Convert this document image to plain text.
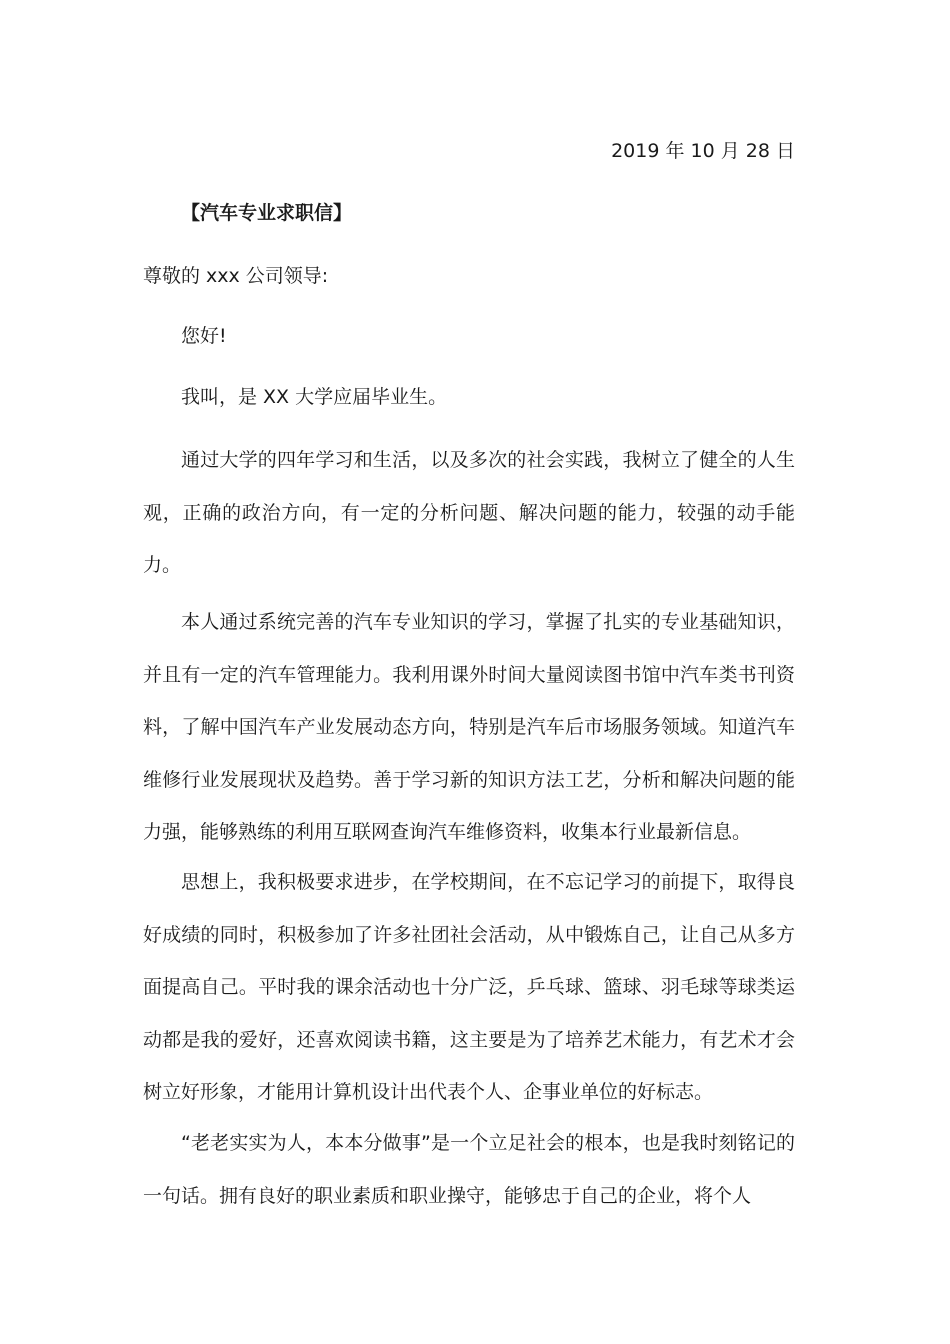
2019 年 10 月 28 日
【汽车专业求职信】
尊敬的 xxx 公司领导:

您好!

我叫，是 XX 大学应届毕业生。

通过大学的四年学习和生活，以及多次的社会实践，我树立了健全的人生观，正确的政治方向，有一定的分析问题、解决问题的能力，较强的动手能力。

本人通过系统完善的汽车专业知识的学习，掌握了扎实的专业基础知识，并且有一定的汽车管理能力。我利用课外时间大量阅读图书馆中汽车类书刊资料，了解中国汽车产业发展动态方向，特别是汽车后市场服务领域。知道汽车维修行业发展现状及趋势。善于学习新的知识方法工艺，分析和解决问题的能力强，能够熟练的利用互联网查询汽车维修资料，收集本行业最新信息。

思想上，我积极要求进步，在学校期间，在不忘记学习的前提下，取得良好成绩的同时，积极参加了许多社团社会活动，从中锻炼自己，让自己从多方面提高自己。平时我的课余活动也十分广泛，乒乓球、篮球、羽毛球等球类运动都是我的爱好，还喜欢阅读书籍，这主要是为了培养艺术能力，有艺术才会树立好形象，才能用计算机设计出代表个人、企事业单位的好标志。

“老老实实为人，本本分做事”是一个立足社会的根本，也是我时刻铭记的一句话。拥有良好的职业素质和职业操守，能够忠于自己的企业，将个人
